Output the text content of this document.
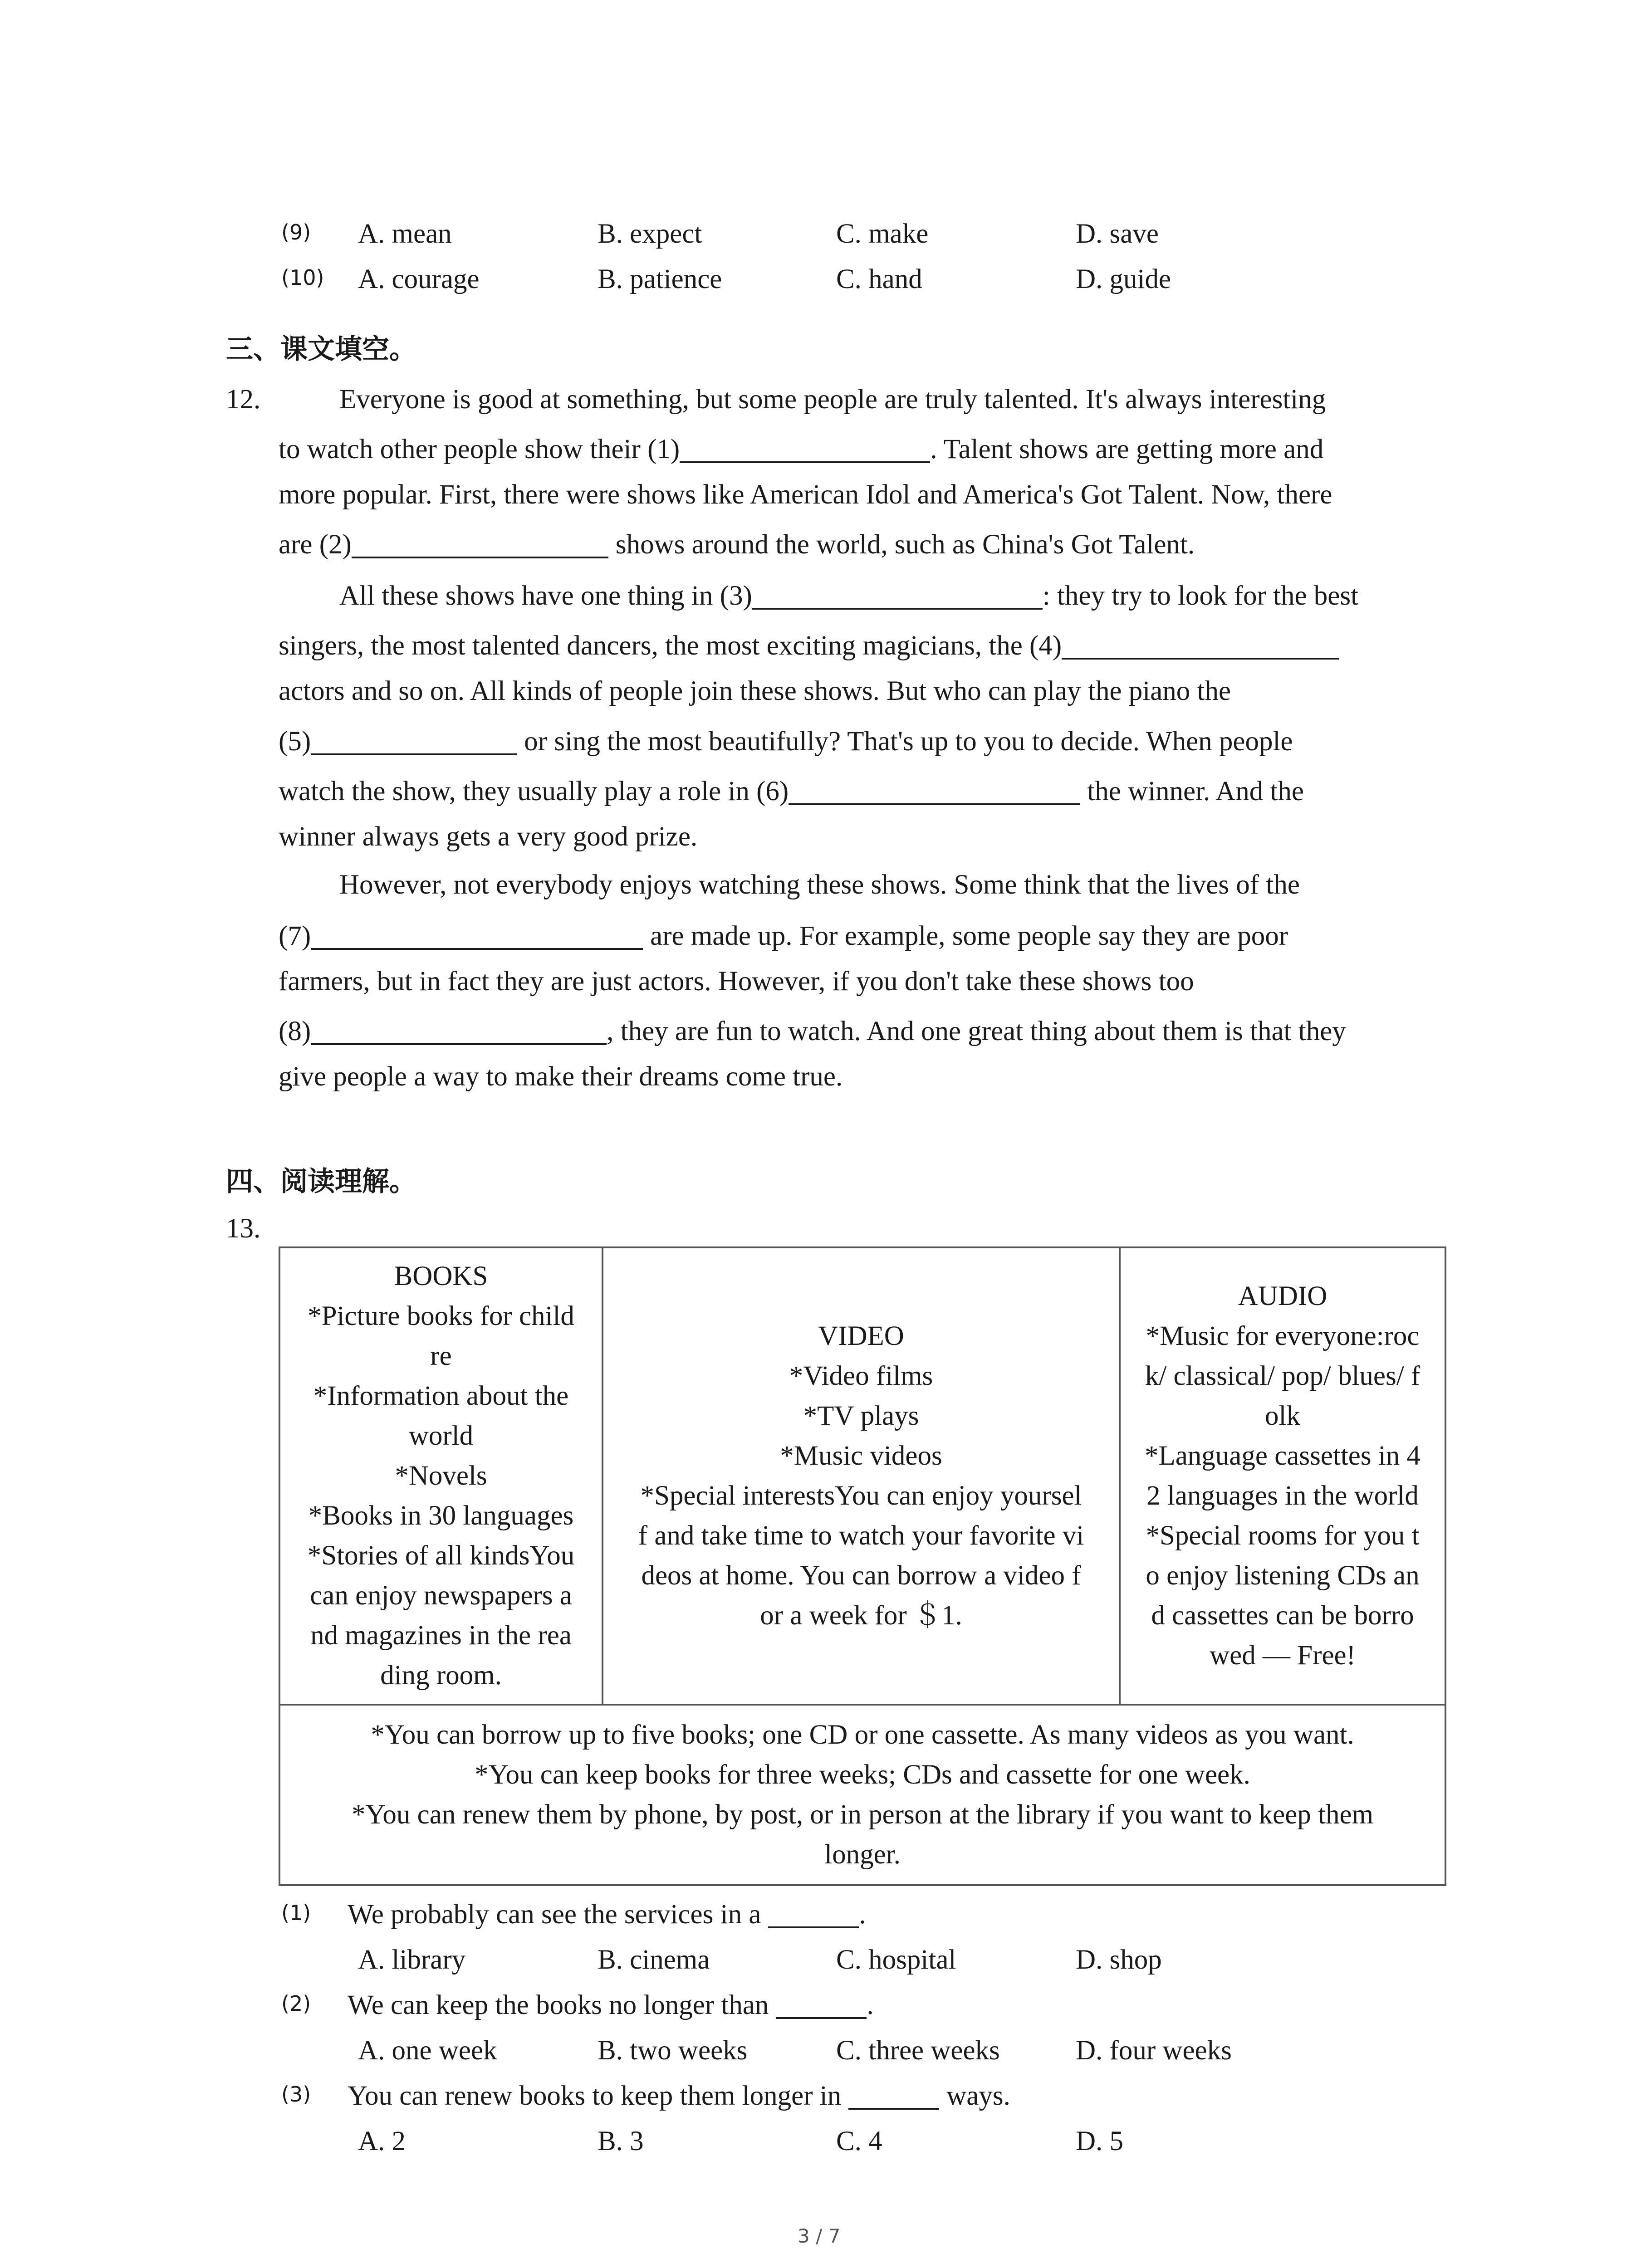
(9) A. mean	B. expect	C. make	D. save
(10) A. courage	B. patience	C. hand	D. guide
三、课文填空。
12.	Everyone is good at something, but some people are truly talented. It's always interesting
to watch other people show their (1)	. Talent shows are getting more and
more popular. First, there were shows like American Idol and America's Got Talent. Now, there
are (2)	shows around the world, such as China's Got Talent.
All these shows have one thing in (3)	: they try to look for the best
singers, the most talented dancers, the most exciting magicians, the (4)
actors and so on. All kinds of people join these shows. But who can play the piano the
(5)	or sing the most beautifully? That's up to you to decide. When people
watch the show, they usually play a role in (6)	the winner. And the
winner always gets a very good prize.
However, not everybody enjoys watching these shows. Some think that the lives of the
(7)	are made up. For example, some people say they are poor
farmers, but in fact they are just actors. However, if you don't take these shows too
(8)	, they are fun to watch. And one great thing about them is that they
give people a way to make their dreams come true.
四、阅读理解。
13.
BOOKS
*Picture books for child
re
*Information about the
world
*Novels
*Books in 30 languages
*Stories of all kindsYou
can enjoy newspapers a
nd magazines in the rea
ding room.

VIDEO
*Video films
*TV plays
*Music videos
*Special interestsYou can enjoy yoursel
f and take time to watch your favorite vi
deos at home. You can borrow a video f
or a week for ＄1.

AUDIO
*Music for everyone:roc
k/ classical/ pop/ blues/ f
olk
*Language cassettes in 4
2 languages in the world
*Special rooms for you t
o enjoy listening CDs an
d cassettes can be borro
wed — Free!

*You can borrow up to five books; one CD or one cassette. As many videos as you want.
*You can keep books for three weeks; CDs and cassette for one week.
*You can renew them by phone, by post, or in person at the library if you want to keep them
longer.
(1) We probably can see the services in a	.
A. library	B. cinema	C. hospital	D. shop
(2) We can keep the books no longer than	.
A. one week	B. two weeks	C. three weeks	D. four weeks
(3) You can renew books to keep them longer in	ways.
A. 2	B. 3	C. 4	D. 5
3 / 7
